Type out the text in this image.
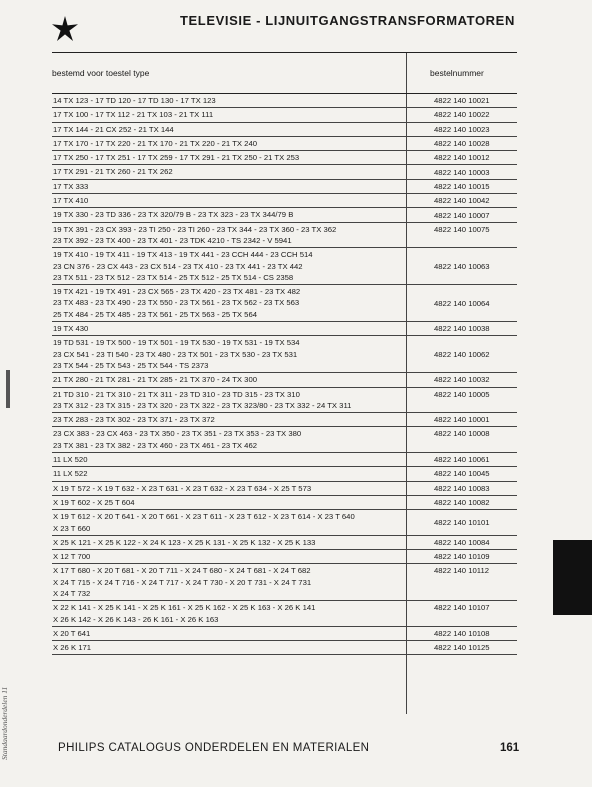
TELEVISIE - LIJNUITGANGSTRANSFORMATOREN
bestemd voor toestel type	bestelnummer
14 TX 123 - 17 TD 120 - 17 TD 130 - 17 TX 123	4822 140 10021
17 TX 100 - 17 TX 112 - 21 TX 103 - 21 TX 111	4822 140 10022
17 TX 144 - 21 CX 252 - 21 TX 144	4822 140 10023
17 TX 170 - 17 TX 220 - 21 TX 170 - 21 TX 220 - 21 TX 240	4822 140 10028
17 TX 250 - 17 TX 251 - 17 TX 259 - 17 TX 291 - 21 TX 250 - 21 TX 253	4822 140 10012
17 TX 291 - 21 TX 260 - 21 TX 262	4822 140 10003
17 TX 333	4822 140 10015
17 TX 410	4822 140 10042
19 TX 330 - 23 TD 336 - 23 TX 320/79 B - 23 TX 323 - 23 TX 344/79 B	4822 140 10007
19 TX 391 - 23 CX 393 - 23 TI 250 - 23 TI 260 - 23 TX 344 - 23 TX 360 - 23 TX 362
23 TX 392 - 23 TX 400 - 23 TX 401 - 23 TDK 4210 - TS 2342 - V 5941
4822 140 10075
19 TX 410 - 19 TX 411 - 19 TX 413 - 19 TX 441 - 23 CCH 444 - 23 CCH 514
23 CN 376 - 23 CX 443 - 23 CX 514 - 23 TX 410 - 23 TX 441 - 23 TX 442
23 TX 511 - 23 TX 512 - 23 TX 514 - 25 TX 512 - 25 TX 514 - CS 2358
4822 140 10063
19 TX 421 - 19 TX 491 - 23 CX 565 - 23 TX 420 - 23 TX 481 - 23 TX 482
23 TX 483 - 23 TX 490 - 23 TX 550 - 23 TX 561 - 23 TX 562 - 23 TX 563
25 TX 484 - 25 TX 485 - 23 TX 561 - 25 TX 563 - 25 TX 564
4822 140 10064
19 TX 430	4822 140 10038
19 TD 531 - 19 TX 500 - 19 TX 501 - 19 TX 530 - 19 TX 531 - 19 TX 534
23 CX 541 - 23 TI 540 - 23 TX 480 - 23 TX 501 - 23 TX 530 - 23 TX 531
23 TX 544 - 25 TX 543 - 25 TX 544 - TS 2373
4822 140 10062
21 TX 280 - 21 TX 281 - 21 TX 285 - 21 TX 370 - 24 TX 300	4822 140 10032
21 TD 310 - 21 TX 310 - 21 TX 311 - 23 TD 310 - 23 TD 315 - 23 TX 310
23 TX 312 - 23 TX 315 - 23 TX 320 - 23 TX 322 - 23 TX 323/80 - 23 TX 332 - 24 TX 311
4822 140 10005
23 TX 283 - 23 TX 302 - 23 TX 371 - 23 TX 372	4822 140 10001
23 CX 383 - 23 CX 463 - 23 TX 350 - 23 TX 351 - 23 TX 353 - 23 TX 380
23 TX 381 - 23 TX 382 - 23 TX 460 - 23 TX 461 - 23 TX 462
4822 140 10008
11 LX 520	4822 140 10061
11 LX 522	4822 140 10045
X 19 T 572 - X 19 T 632 - X 23 T 631 - X 23 T 632 - X 23 T 634 - X 25 T 573	4822 140 10083
X 19 T 602 - X 25 T 604	4822 140 10082
X 19 T 612 - X 20 T 641 - X 20 T 661 - X 23 T 611 - X 23 T 612 - X 23 T 614 - X 23 T 640
X 23 T 660
4822 140 10101
X 25 K 121 - X 25 K 122 - X 24 K 123 - X 25 K 131 - X 25 K 132 - X 25 K 133	4822 140 10084
X 12 T 700	4822 140 10109
X 17 T 680 - X 20 T 681 - X 20 T 711 - X 24 T 680 - X 24 T 681 - X 24 T 682
X 24 T 715 - X 24 T 716 - X 24 T 717 - X 24 T 730 - X 20 T 731 - X 24 T 731
X 24 T 732
4822 140 10112
X 22 K 141 - X 25 K 141 - X 25 K 161 - X 25 K 162 - X 25 K 163 - X 26 K 141
X 26 K 142 - X 26 K 143 - 26 K 161 - X 26 K 163
4822 140 10107
X 20 T 641	4822 140 10108
X 26 K 171	4822 140 10125
PHILIPS CATALOGUS ONDERDELEN EN MATERIALEN	161
Standaardonderdelen 11
